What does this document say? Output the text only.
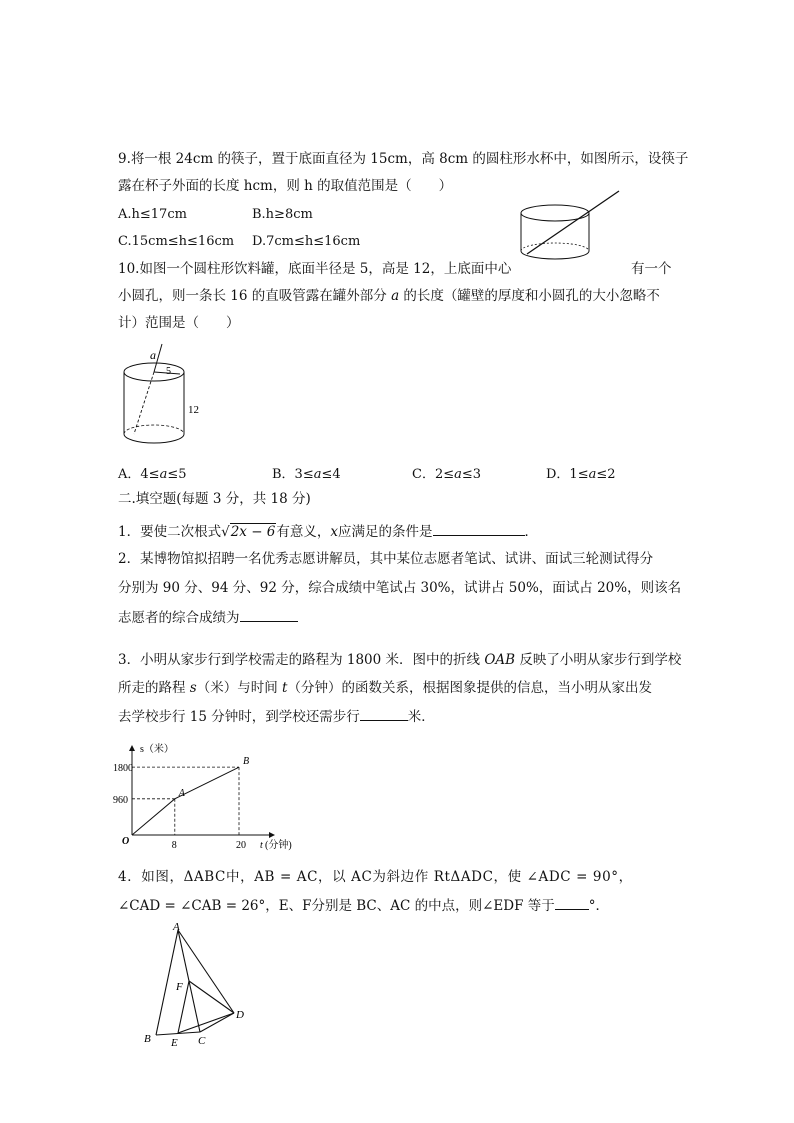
9.将一根 24cm 的筷子，置于底面直径为 15cm，高 8cm 的圆柱形水杯中，如图所示，设筷子
露在杯子外面的长度 hcm，则 h 的取值范围是（　　）
A.h≤17cm	B.h≥8cm
C.15cm≤h≤16cm D.7cm≤h≤16cm
10.如图一个圆柱形饮料罐，底面半径是 5，高是 12，上底面中心	有一个
小圆孔，则一条长 16 的直吸管露在罐外部分 a 的长度（罐壁的厚度和小圆孔的大小忽略不
计）范围是（　　）
a
5
12
A．4≤a≤5	B．3≤a≤4	C．2≤a≤3	D．1≤a≤2
二.填空题(每题 3 分，共 18 分)
1．要使二次根式√2x − 6有意义，x应满足的条件是	．
2．某博物馆拟招聘一名优秀志愿讲解员，其中某位志愿者笔试、试讲、面试三轮测试得分
分别为 90 分、94 分、92 分，综合成绩中笔试占 30%，试讲占 50%，面试占 20%，则该名
志愿者的综合成绩为
3．小明从家步行到学校需走的路程为 1800 米．图中的折线 OAB 反映了小明从家步行到学校
所走的路程 s（米）与时间 t（分钟）的函数关系，根据图象提供的信息，当小明从家出发
去学校步行 15 分钟时，到学校还需步行	米．
A
B
1800
960
8	20
s（米）
t (分钟)
O
4．如图，ΔABC中，AB = AC，以 AC为斜边作 RtΔADC，使 ∠ADC = 90°，
∠CAD = ∠CAB = 26°，E、F分别是 BC、AC 的中点，则∠EDF 等于	°．
A
B	C
D
E
F
